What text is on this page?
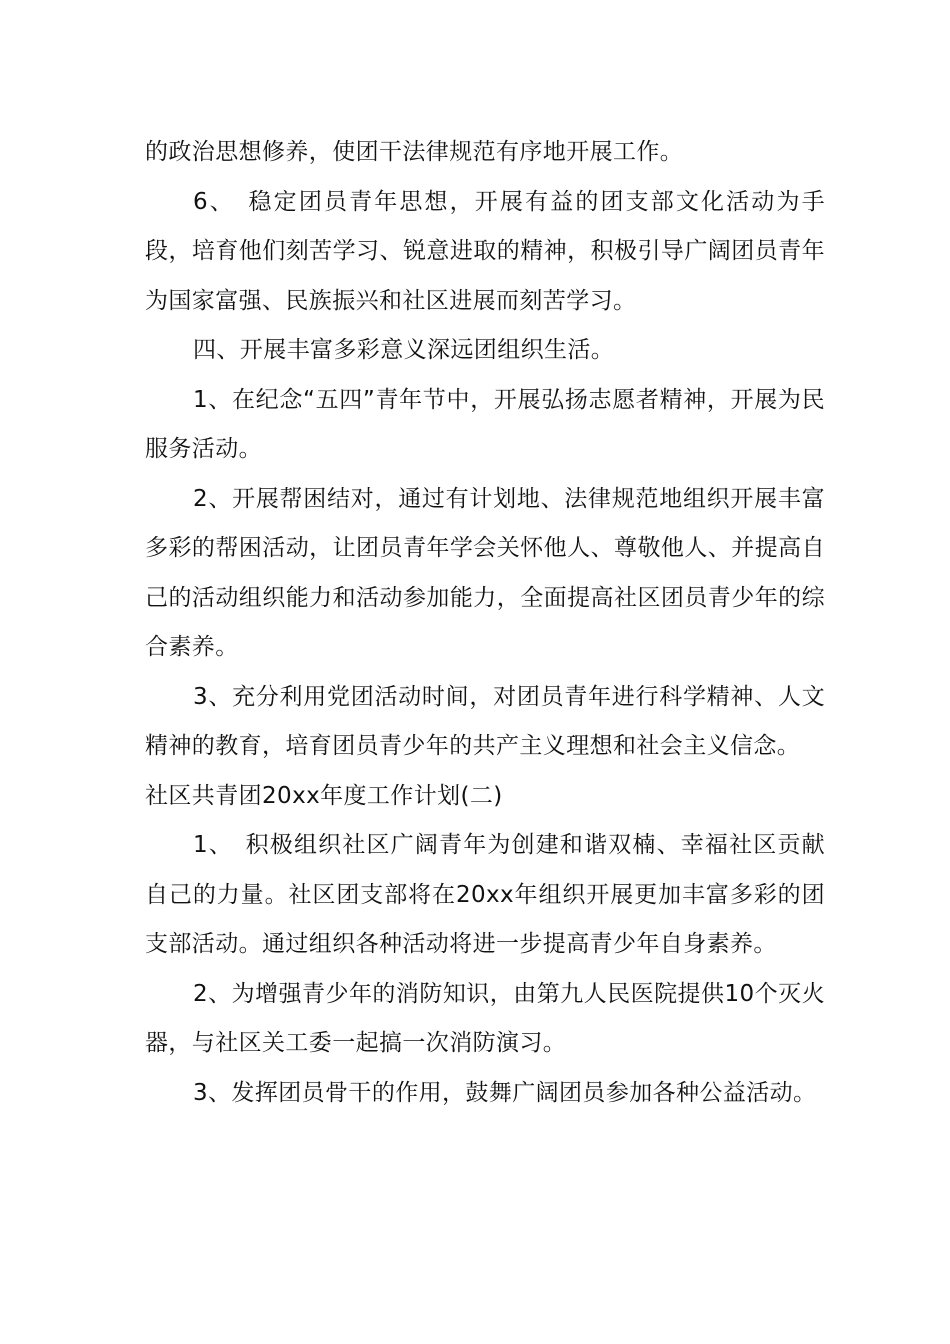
的政治思想修养，使团干法律规范有序地开展工作。

6、　稳定团员青年思想，开展有益的团支部文化活动为手段，培育他们刻苦学习、锐意进取的精神，积极引导广阔团员青年为国家富强、民族振兴和社区进展而刻苦学习。

四、开展丰富多彩意义深远团组织生活。

1、在纪念“五四”青年节中，开展弘扬志愿者精神，开展为民服务活动。

2、开展帮困结对，通过有计划地、法律规范地组织开展丰富多彩的帮困活动，让团员青年学会关怀他人、尊敬他人、并提高自己的活动组织能力和活动参加能力，全面提高社区团员青少年的综合素养。

3、充分利用党团活动时间，对团员青年进行科学精神、人文精神的教育，培育团员青少年的共产主义理想和社会主义信念。

社区共青团20xx年度工作计划(二)

1、　积极组织社区广阔青年为创建和谐双楠、幸福社区贡献自己的力量。社区团支部将在20xx年组织开展更加丰富多彩的团支部活动。通过组织各种活动将进一步提高青少年自身素养。

2、为增强青少年的消防知识，由第九人民医院提供10个灭火器，与社区关工委一起搞一次消防演习。

3、发挥团员骨干的作用，鼓舞广阔团员参加各种公益活动。
